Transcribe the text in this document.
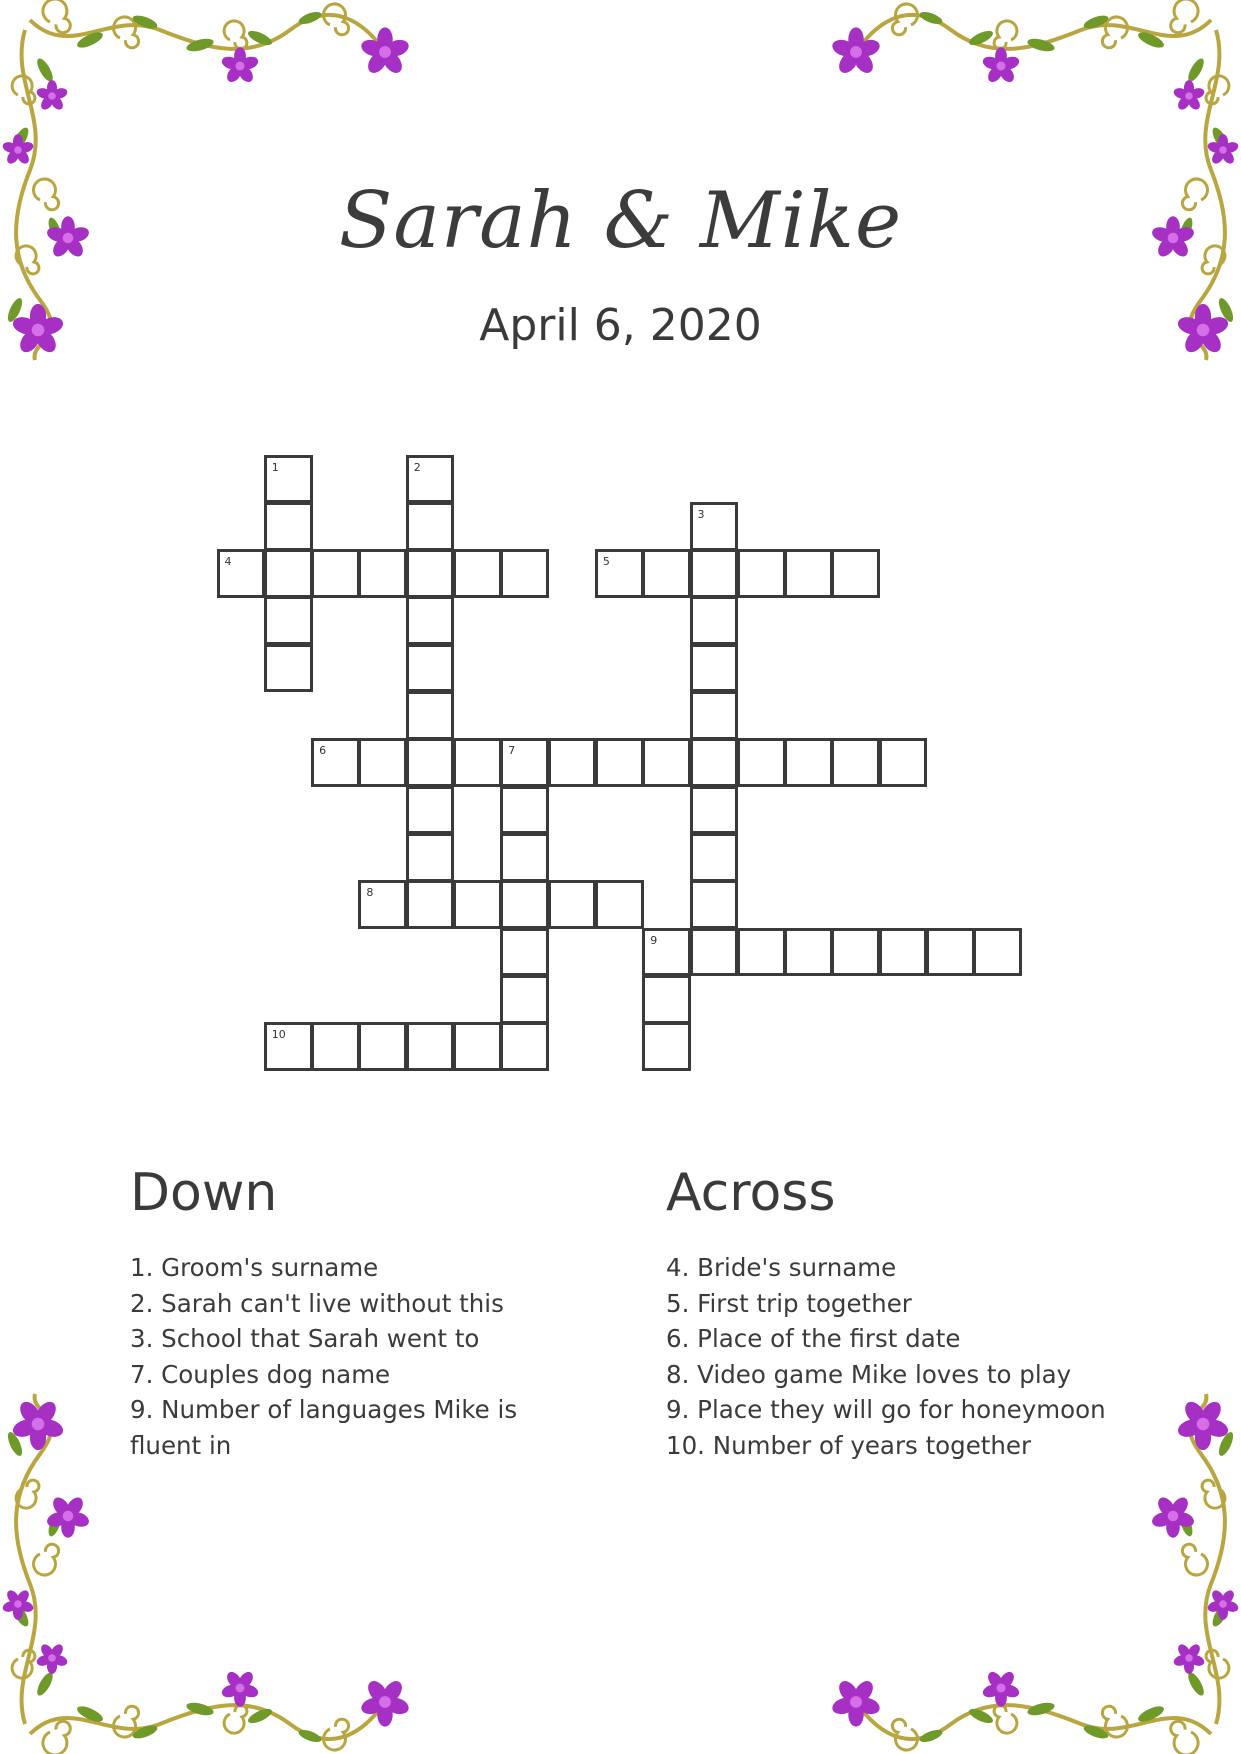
Sarah & Mike
April 6, 2020
1	2
3
4	5
6	7
8
9
10
Down
1. Groom's surname
2. Sarah can't live without this
3. School that Sarah went to
7. Couples dog name
9. Number of languages Mike is fluent in
Across
4. Bride's surname
5. First trip together
6. Place of the first date
8. Video game Mike loves to play
9. Place they will go for honeymoon
10. Number of years together
